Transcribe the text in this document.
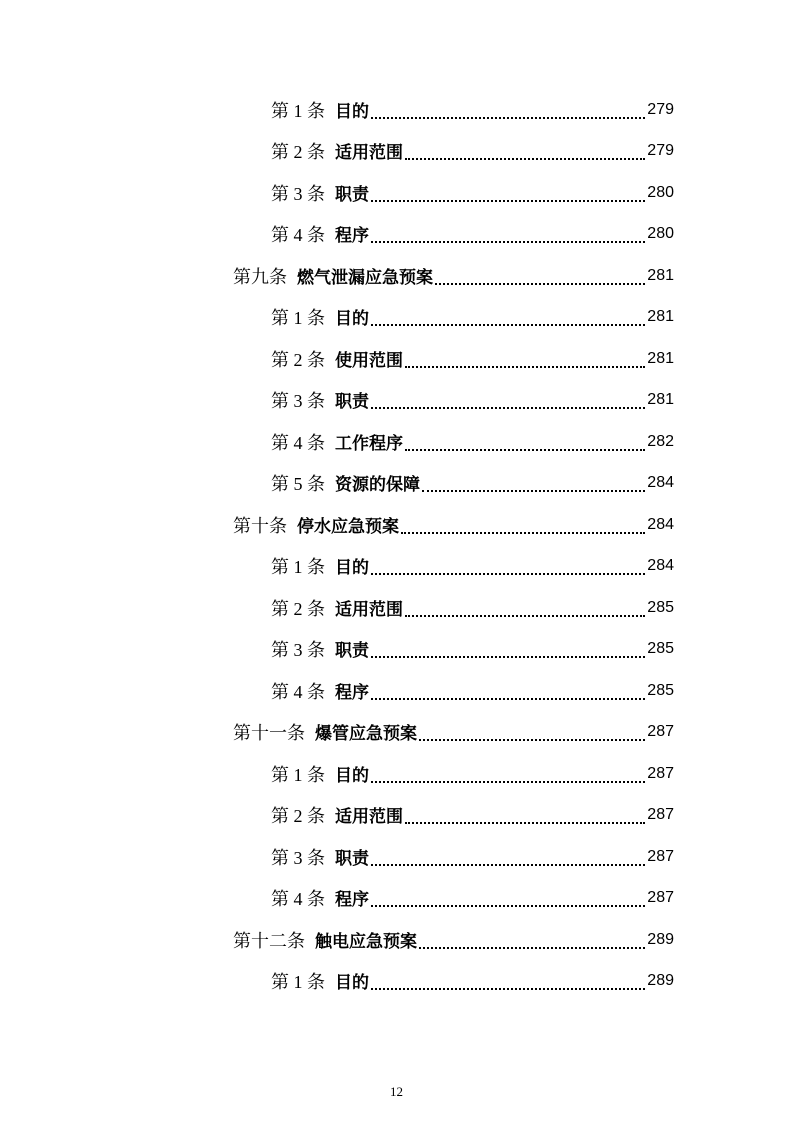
第 1 条 目的	279
第 2 条 适用范围	279
第 3 条 职责	280
第 4 条 程序	280
第九条 燃气泄漏应急预案	281
第 1 条 目的	281
第 2 条 使用范围	281
第 3 条 职责	281
第 4 条 工作程序	282
第 5 条 资源的保障	284
第十条 停水应急预案	284
第 1 条 目的	284
第 2 条 适用范围	285
第 3 条 职责	285
第 4 条 程序	285
第十一条 爆管应急预案	287
第 1 条 目的	287
第 2 条 适用范围	287
第 3 条 职责	287
第 4 条 程序	287
第十二条 触电应急预案	289
第 1 条 目的	289
12
